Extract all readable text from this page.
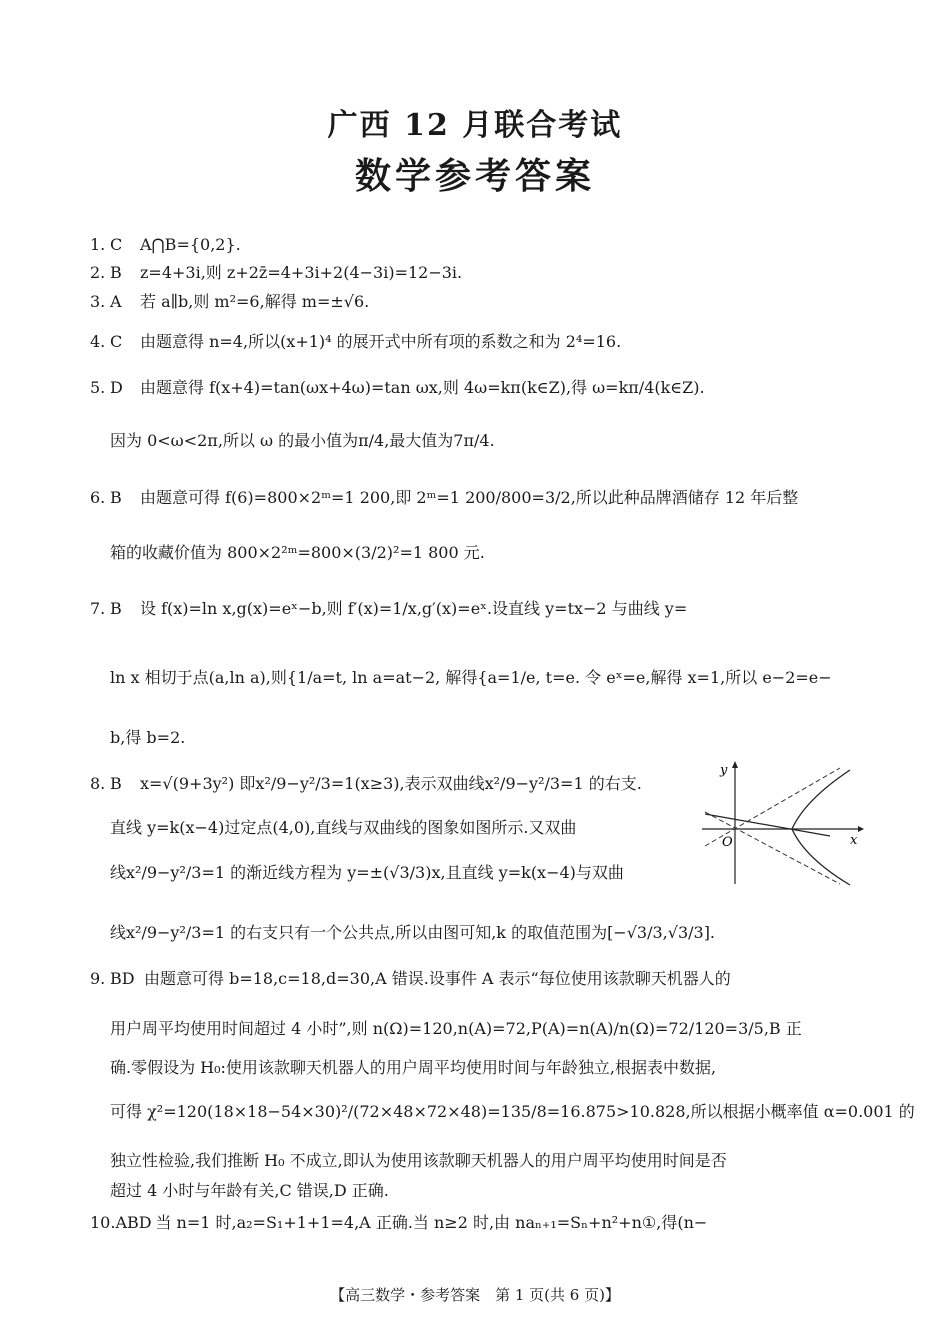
广西 12 月联合考试
数学参考答案
1. C A⋂B={0,2}.
2. B z=4+3i,则 z+2z̄=4+3i+2(4−3i)=12−3i.
3. A 若 a∥b,则 m²=6,解得 m=±√6.
4. C 由题意得 n=4,所以(x+1)⁴ 的展开式中所有项的系数之和为 2⁴=16.
5. D 由题意得 f(x+4)=tan(ωx+4ω)=tan ωx,则 4ω=kπ(k∈Z),得 ω=kπ/4(k∈Z).
因为 0<ω<2π,所以 ω 的最小值为π/4,最大值为7π/4.
6. B 由题意可得 f(6)=800×2ᵐ=1 200,即 2ᵐ=1 200/800=3/2,所以此种品牌酒储存 12 年后整
箱的收藏价值为 800×2²ᵐ=800×(3/2)²=1 800 元.
7. B 设 f(x)=ln x,g(x)=eˣ−b,则 f′(x)=1/x,g′(x)=eˣ.设直线 y=tx−2 与曲线 y=
ln x 相切于点(a,ln a),则{1/a=t, ln a=at−2, 解得{a=1/e, t=e. 令 eˣ=e,解得 x=1,所以 e−2=e−
b,得 b=2.
8. B x=√(9+3y²) 即x²/9−y²/3=1(x≥3),表示双曲线x²/9−y²/3=1 的右支.
直线 y=k(x−4)过定点(4,0),直线与双曲线的图象如图所示.又双曲
线x²/9−y²/3=1 的渐近线方程为 y=±(√3/3)x,且直线 y=k(x−4)与双曲
线x²/9−y²/3=1 的右支只有一个公共点,所以由图可知,k 的取值范围为[−√3/3,√3/3].
9. BD 由题意可得 b=18,c=18,d=30,A 错误.设事件 A 表示“每位使用该款聊天机器人的
用户周平均使用时间超过 4 小时”,则 n(Ω)=120,n(A)=72,P(A)=n(A)/n(Ω)=72/120=3/5,B 正
确.零假设为 H₀:使用该款聊天机器人的用户周平均使用时间与年龄独立,根据表中数据,
可得 χ²=120(18×18−54×30)²/(72×48×72×48)=135/8=16.875>10.828,所以根据小概率值 α=0.001 的
独立性检验,我们推断 H₀ 不成立,即认为使用该款聊天机器人的用户周平均使用时间是否
超过 4 小时与年龄有关,C 错误,D 正确.
10.ABD 当 n=1 时,a₂=S₁+1+1=4,A 正确.当 n≥2 时,由 naₙ₊₁=Sₙ+n²+n①,得(n−
y
x
O
【高三数学・参考答案　第 1 页(共 6 页)】
